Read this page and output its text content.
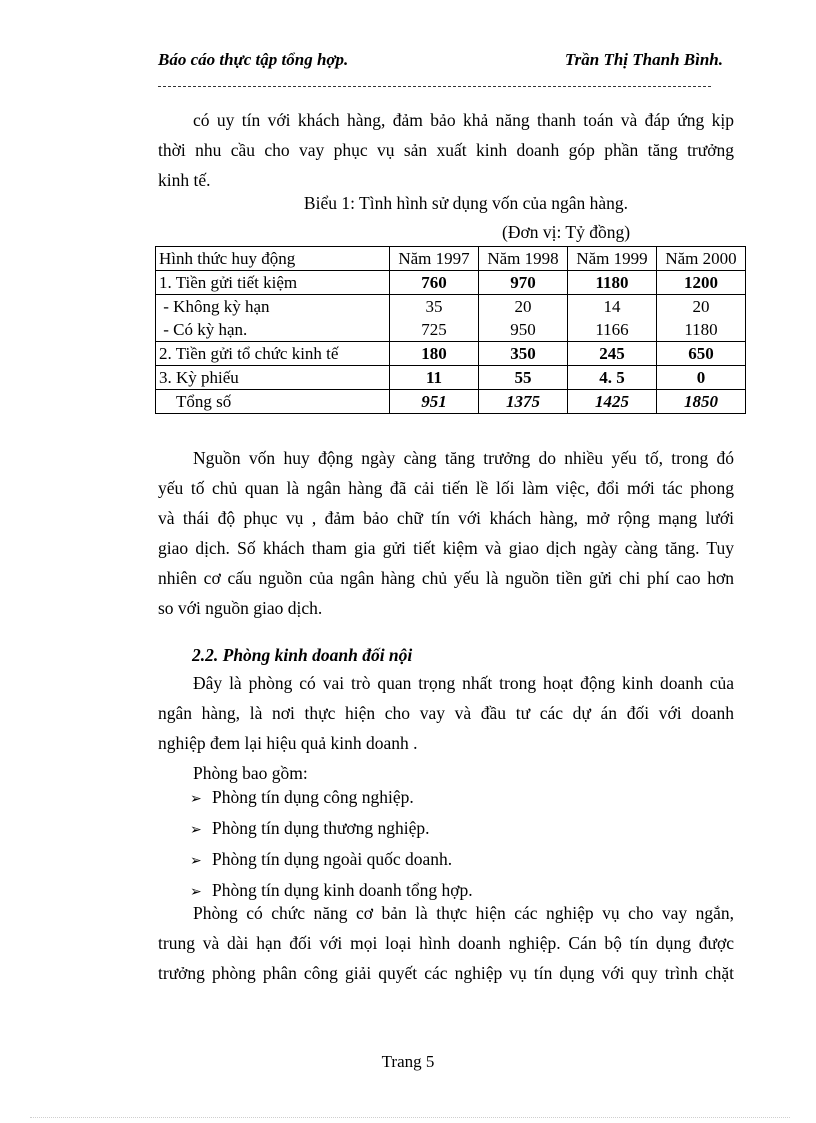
Báo cáo thực tập tổng hợp.	Trần Thị Thanh Bình.
có uy tín với khách hàng, đảm bảo khả năng thanh toán và đáp ứng kịp
thời nhu cầu cho vay phục vụ sản xuất kinh doanh góp phần tăng trưởng
kinh tế.
Biểu 1: Tình hình sử dụng vốn của ngân hàng.
(Đơn vị: Tỷ đồng)
Hình thức huy động	Năm 1997	Năm 1998	Năm 1999	Năm 2000
1. Tiền gửi tiết kiệm	760	970	1180	1200
- Không kỳ hạn	35	20	14	20
- Có kỳ hạn.	725	950	1166	1180
2. Tiền gửi tổ chức kinh tế	180	350	245	650
3. Kỳ phiếu	11	55	4. 5	0
Tổng số	951	1375	1425	1850
Nguồn vốn huy động ngày càng tăng trưởng do nhiều yếu tố, trong đó
yếu tố chủ quan là ngân hàng đã cải tiến lề lối làm việc, đổi mới tác phong
và thái độ phục vụ , đảm bảo chữ tín với khách hàng, mở rộng mạng lưới
giao dịch. Số khách tham gia gửi tiết kiệm và giao dịch ngày càng tăng. Tuy
nhiên cơ cấu nguồn của ngân hàng chủ yếu là nguồn tiền gửi chi phí cao hơn
so với nguồn giao dịch.
2.2. Phòng kinh doanh đối nội
Đây là phòng có vai trò quan trọng nhất trong hoạt động kinh doanh của
ngân hàng, là nơi thực hiện cho vay và đầu tư các dự án đối với doanh
nghiệp đem lại hiệu quả kinh doanh .
Phòng bao gồm:
➢ Phòng tín dụng công nghiệp.
➢ Phòng tín dụng thương nghiệp.
➢ Phòng tín dụng ngoài quốc doanh.
➢ Phòng tín dụng kinh doanh tổng hợp.
Phòng có chức năng cơ bản là thực hiện các nghiệp vụ cho vay ngắn,
trung và dài hạn đối với mọi loại hình doanh nghiệp. Cán bộ tín dụng được
trưởng phòng phân công giải quyết các nghiệp vụ tín dụng với quy trình chặt
Trang 5
